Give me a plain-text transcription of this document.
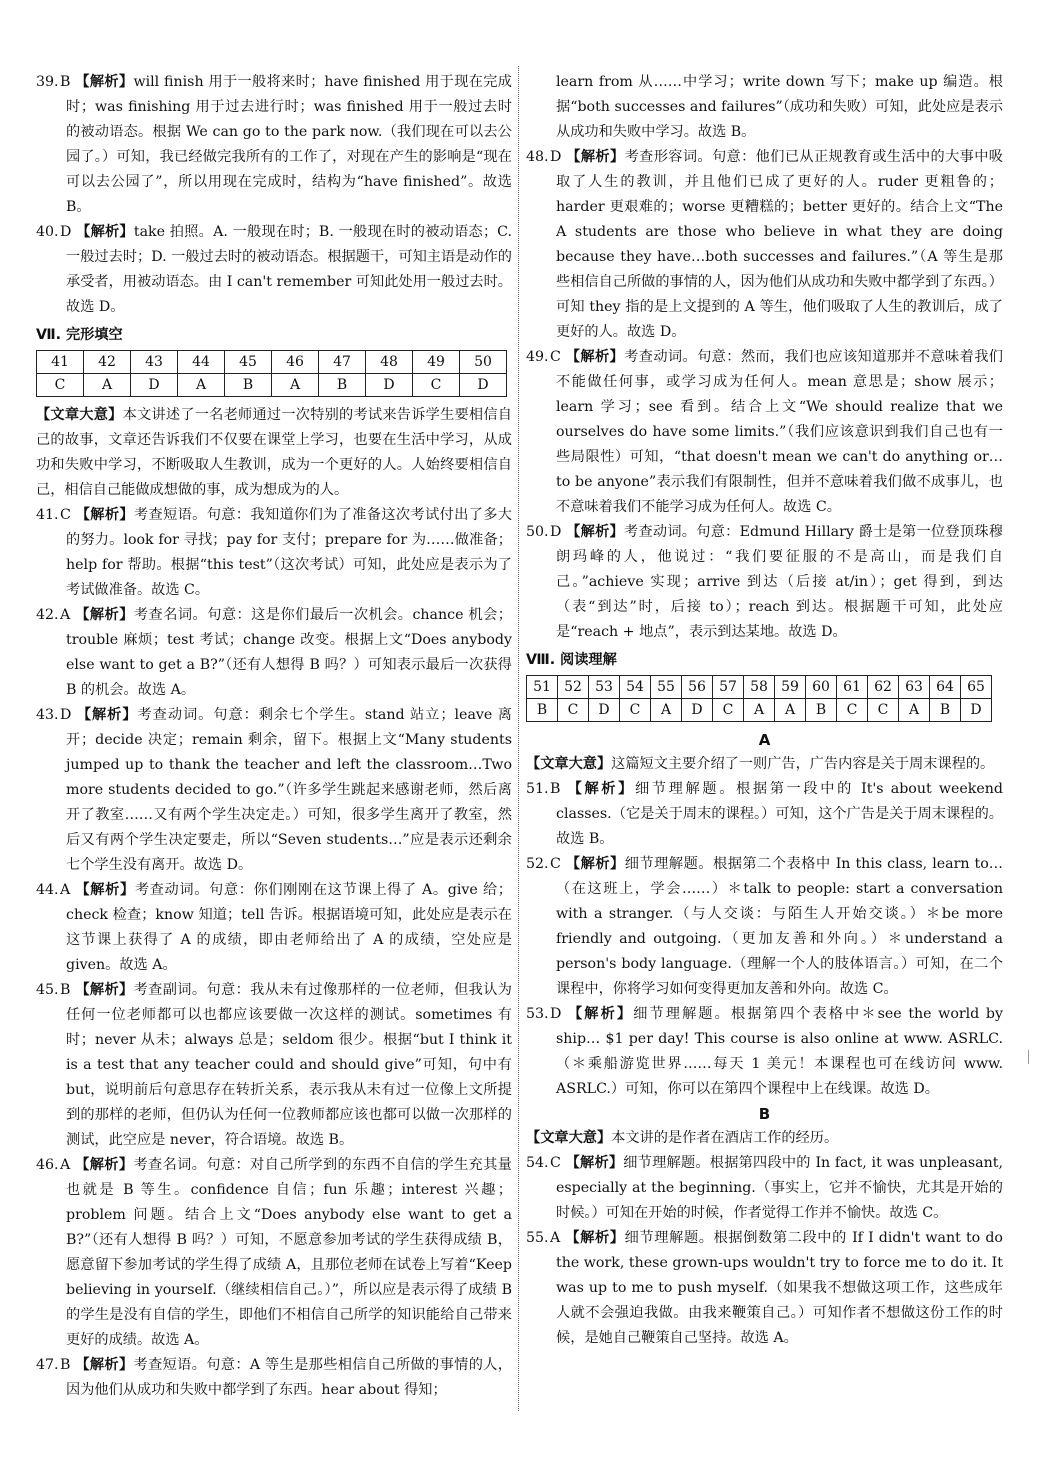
39.B 【解析】will finish 用于一般将来时；have finished 用于现在完成时；was finishing 用于过去进行时；was finished 用于一般过去时的被动语态。根据 We can go to the park now.（我们现在可以去公园了。）可知，我已经做完我所有的工作了，对现在产生的影响是“现在可以去公园了”，所以用现在完成时，结构为“have finished”。故选 B。

40.D 【解析】take 拍照。A. 一般现在时；B. 一般现在时的被动语态；C. 一般过去时；D. 一般过去时的被动语态。根据题干，可知主语是动作的承受者，用被动语态。由 I can't remember 可知此处用一般过去时。故选 D。

Ⅶ. 完形填空
41	42	43	44	45	46	47	48	49	50
C	A	D	A	B	A	B	D	C	D

【文章大意】本文讲述了一名老师通过一次特别的考试来告诉学生要相信自己的故事，文章还告诉我们不仅要在课堂上学习，也要在生活中学习，从成功和失败中学习，不断吸取人生教训，成为一个更好的人。人始终要相信自己，相信自己能做成想做的事，成为想成为的人。

41.C 【解析】考查短语。句意：我知道你们为了准备这次考试付出了多大的努力。look for 寻找；pay for 支付；prepare for 为……做准备；help for 帮助。根据“this test”（这次考试）可知，此处应是表示为了考试做准备。故选 C。

42.A 【解析】考查名词。句意：这是你们最后一次机会。chance 机会；trouble 麻烦；test 考试；change 改变。根据上文“Does anybody else want to get a B?”（还有人想得 B 吗？）可知表示最后一次获得 B 的机会。故选 A。

43.D 【解析】考查动词。句意：剩余七个学生。stand 站立；leave 离开；decide 决定；remain 剩余，留下。根据上文“Many students jumped up to thank the teacher and left the classroom…Two more students decided to go.”（许多学生跳起来感谢老师，然后离开了教室……又有两个学生决定走。）可知，很多学生离开了教室，然后又有两个学生决定要走，所以“Seven students…”应是表示还剩余七个学生没有离开。故选 D。

44.A 【解析】考查动词。句意：你们刚刚在这节课上得了 A。give 给；check 检查；know 知道；tell 告诉。根据语境可知，此处应是表示在这节课上获得了 A 的成绩，即由老师给出了 A 的成绩，空处应是 given。故选 A。

45.B 【解析】考查副词。句意：我从未有过像那样的一位老师，但我认为任何一位老师都可以也都应该要做一次这样的测试。sometimes 有时；never 从未；always 总是；seldom 很少。根据“but I think it is a test that any teacher could and should give”可知，句中有 but，说明前后句意思存在转折关系，表示我从未有过一位像上文所提到的那样的老师，但仍认为任何一位教师都应该也都可以做一次那样的测试，此空应是 never，符合语境。故选 B。

46.A 【解析】考查名词。句意：对自己所学到的东西不自信的学生充其量也就是 B 等生。confidence 自信；fun 乐趣；interest 兴趣；problem 问题。结合上文“Does anybody else want to get a B?”（还有人想得 B 吗？）可知，不愿意参加考试的学生获得成绩 B，愿意留下参加考试的学生得了成绩 A，且那位老师在试卷上写着“Keep believing in yourself.（继续相信自己。）”，所以应是表示得了成绩 B 的学生是没有自信的学生，即他们不相信自己所学的知识能给自己带来更好的成绩。故选 A。

47.B 【解析】考查短语。句意：A 等生是那些相信自己所做的事情的人，因为他们从成功和失败中都学到了东西。hear about 得知；

learn from 从……中学习；write down 写下；make up 编造。根据“both successes and failures”（成功和失败）可知，此处应是表示从成功和失败中学习。故选 B。

48.D 【解析】考查形容词。句意：他们已从正规教育或生活中的大事中吸取了人生的教训，并且他们已成了更好的人。ruder 更粗鲁的；harder 更艰难的；worse 更糟糕的；better 更好的。结合上文“The A students are those who believe in what they are doing because they have…both successes and failures.”（A 等生是那些相信自己所做的事情的人，因为他们从成功和失败中都学到了东西。）可知 they 指的是上文提到的 A 等生，他们吸取了人生的教训后，成了更好的人。故选 D。

49.C 【解析】考查动词。句意：然而，我们也应该知道那并不意味着我们不能做任何事，或学习成为任何人。mean 意思是；show 展示；learn 学习；see 看到。结合上文“We should realize that we ourselves do have some limits.”（我们应该意识到我们自己也有一些局限性）可知，“that doesn't mean we can't do anything or…to be anyone”表示我们有限制性，但并不意味着我们做不成事儿，也不意味着我们不能学习成为任何人。故选 C。

50.D 【解析】考查动词。句意：Edmund Hillary 爵士是第一位登顶珠穆朗玛峰的人，他说过：“我们要征服的不是高山，而是我们自己。”achieve 实现；arrive 到达（后接 at/in）；get 得到，到达（表“到达”时，后接 to）；reach 到达。根据题干可知，此处应是“reach + 地点”，表示到达某地。故选 D。

Ⅷ. 阅读理解
51	52	53	54	55	56	57	58	59	60	61	62	63	64	65
B	C	D	C	A	D	C	A	A	B	C	C	A	B	D
A

【文章大意】这篇短文主要介绍了一则广告，广告内容是关于周末课程的。

51.B 【解析】细节理解题。根据第一段中的 It's about weekend classes.（它是关于周末的课程。）可知，这个广告是关于周末课程的。故选 B。

52.C 【解析】细节理解题。根据第二个表格中 In this class, learn to…（在这班上，学会……）＊talk to people: start a conversation with a stranger.（与人交谈：与陌生人开始交谈。）＊be more friendly and outgoing.（更加友善和外向。）＊understand a person's body language.（理解一个人的肢体语言。）可知，在二个课程中，你将学习如何变得更加友善和外向。故选 C。

53.D 【解析】细节理解题。根据第四个表格中＊see the world by ship… $1 per day! This course is also online at www. ASRLC.（＊乘船游览世界……每天 1 美元！本课程也可在线访问 www. ASRLC.）可知，你可以在第四个课程中上在线课。故选 D。

B

【文章大意】本文讲的是作者在酒店工作的经历。

54.C 【解析】细节理解题。根据第四段中的 In fact, it was unpleasant, especially at the beginning.（事实上，它并不愉快，尤其是开始的时候。）可知在开始的时候，作者觉得工作并不愉快。故选 C。

55.A 【解析】细节理解题。根据倒数第二段中的 If I didn't want to do the work, these grown-ups wouldn't try to force me to do it. It was up to me to push myself.（如果我不想做这项工作，这些成年人就不会强迫我做。由我来鞭策自己。）可知作者不想做这份工作的时候，是她自己鞭策自己坚持。故选 A。
